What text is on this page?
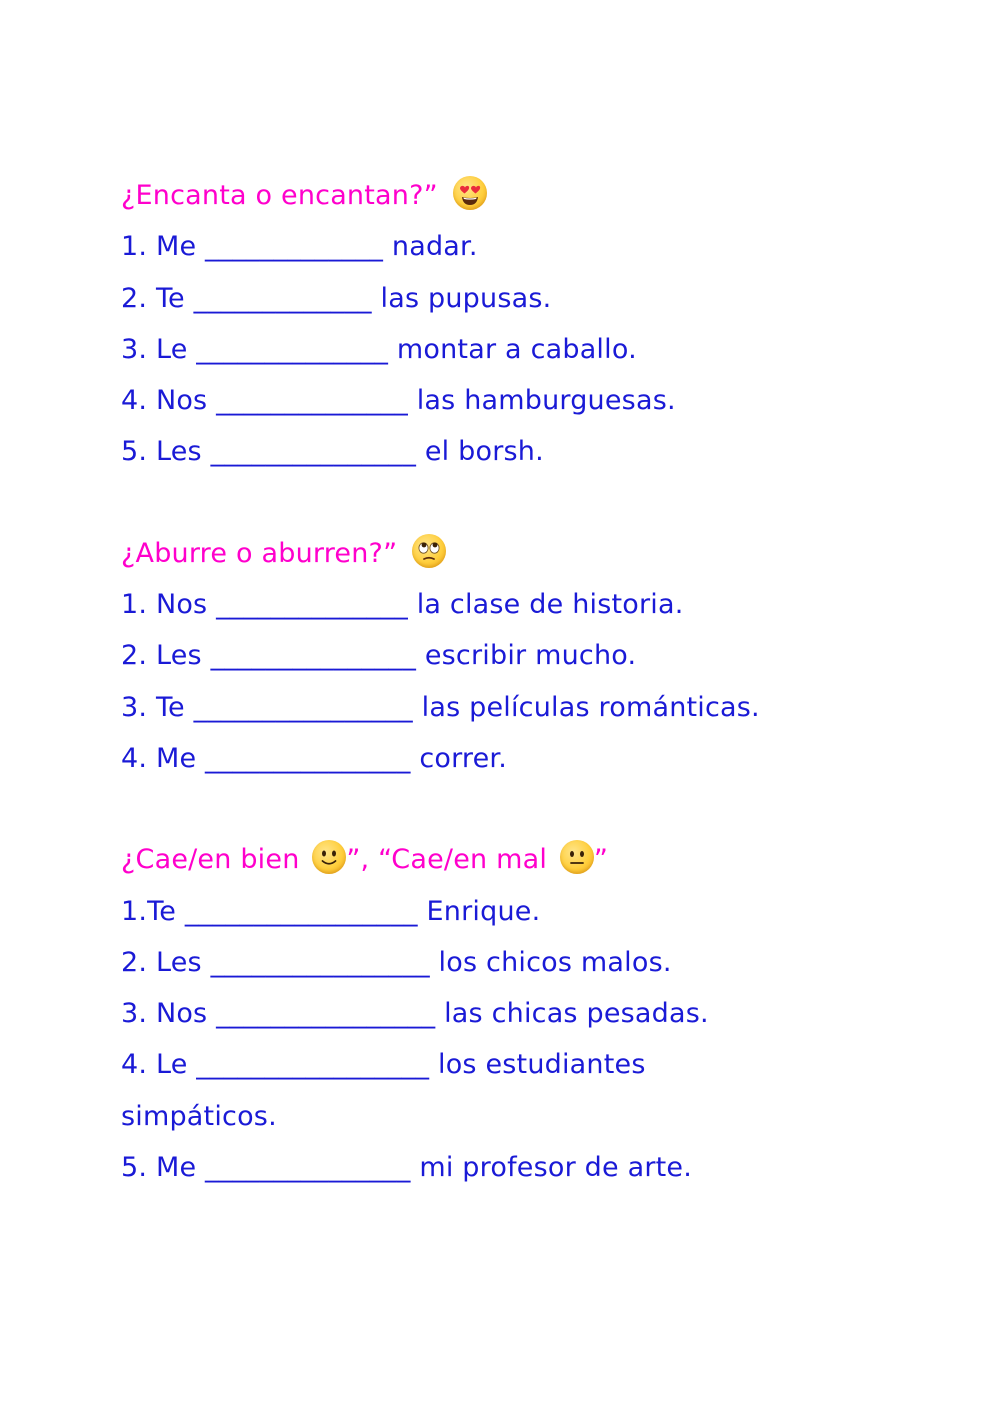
¿Encanta o encantan?”
1. Me _____________ nadar.
2. Te _____________ las pupusas.
3. Le ______________ montar a caballo.
4. Nos ______________ las hamburguesas.
5. Les _______________ el borsh.
¿Aburre o aburren?”
1. Nos ______________ la clase de historia.
2. Les _______________ escribir mucho.
3. Te ________________ las películas románticas.
4. Me _______________ correr.
¿Cae/en bien ”, “Cae/en mal ”
1.Te _________________ Enrique.
2. Les ________________ los chicos malos.
3. Nos ________________ las chicas pesadas.
4. Le _________________ los estudiantes
simpáticos.
5. Me _______________ mi profesor de arte.
